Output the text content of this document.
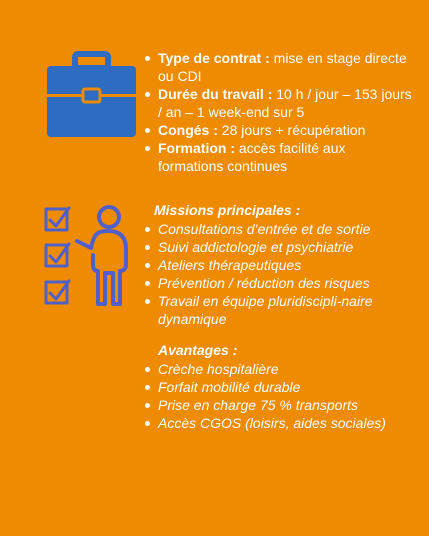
Type de contrat : mise en stage directe ou CDI
Durée du travail : 10 h / jour – 153 jours / an – 1 week-end sur 5
Congés : 28 jours + récupération
Formation : accès facilité aux formations continues
Missions principales :
Consultations d’entrée et de sortie
Suivi addictologie et psychiatrie
Ateliers thérapeutiques
Prévention / réduction des risques
Travail en équipe pluridiscipli-naire dynamique
Avantages :
Crèche hospitalière
Forfait mobilité durable
Prise en charge 75 % transports
Accès CGOS (loisirs, aides sociales)
